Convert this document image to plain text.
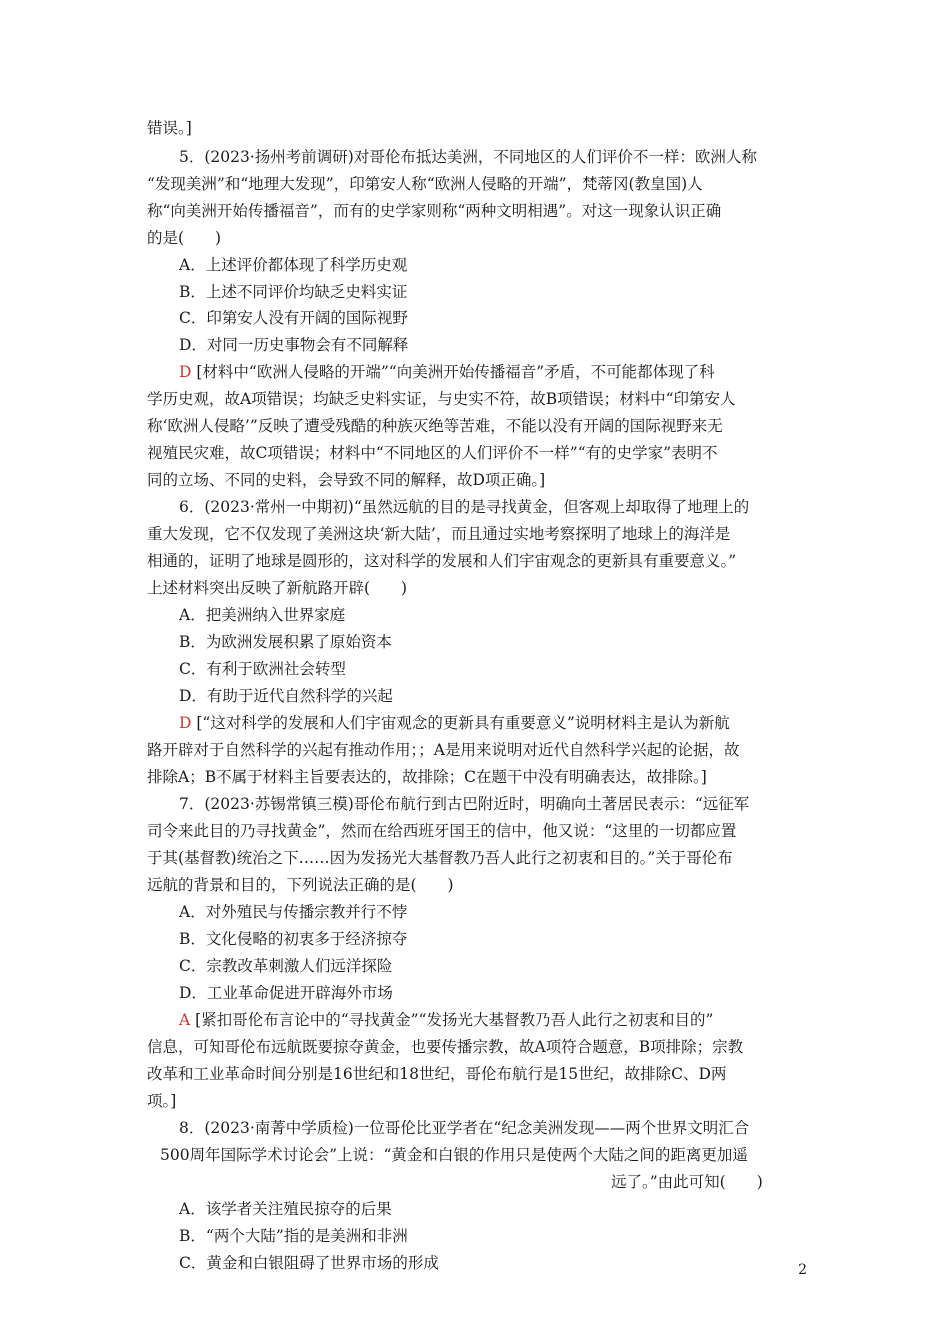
错误。]
5．(2023·扬州考前调研)对哥伦布抵达美洲，不同地区的人们评价不一样：欧洲人称
“发现美洲”和“地理大发现”，印第安人称“欧洲人侵略的开端”，梵蒂冈(教皇国)人
称“向美洲开始传播福音”，而有的史学家则称“两种文明相遇”。对这一现象认识正确
的是(　　)
A．上述评价都体现了科学历史观
B．上述不同评价均缺乏史料实证
C．印第安人没有开阔的国际视野
D．对同一历史事物会有不同解释
D [材料中“欧洲人侵略的开端”“向美洲开始传播福音”矛盾，不可能都体现了科
学历史观，故A项错误；均缺乏史料实证，与史实不符，故B项错误；材料中“印第安人
称‘欧洲人侵略’”反映了遭受残酷的种族灭绝等苦难，不能以没有开阔的国际视野来无
视殖民灾难，故C项错误；材料中“不同地区的人们评价不一样”“有的史学家”表明不
同的立场、不同的史料，会导致不同的解释，故D项正确。]
6．(2023·常州一中期初)“虽然远航的目的是寻找黄金，但客观上却取得了地理上的
重大发现，它不仅发现了美洲这块‘新大陆’，而且通过实地考察探明了地球上的海洋是
相通的，证明了地球是圆形的，这对科学的发展和人们宇宙观念的更新具有重要意义。”
上述材料突出反映了新航路开辟(　　)
A．把美洲纳入世界家庭
B．为欧洲发展积累了原始资本
C．有利于欧洲社会转型
D．有助于近代自然科学的兴起
D [“这对科学的发展和人们宇宙观念的更新具有重要意义”说明材料主是认为新航
路开辟对于自然科学的兴起有推动作用；；A是用来说明对近代自然科学兴起的论据，故
排除A；B不属于材料主旨要表达的，故排除；C在题干中没有明确表达，故排除。]
7．(2023·苏锡常镇三模)哥伦布航行到古巴附近时，明确向土著居民表示：“远征军
司令来此目的乃寻找黄金”，然而在给西班牙国王的信中，他又说：“这里的一切都应置
于其(基督教)统治之下……因为发扬光大基督教乃吾人此行之初衷和目的。”关于哥伦布
远航的背景和目的，下列说法正确的是(　　)
A．对外殖民与传播宗教并行不悖
B．文化侵略的初衷多于经济掠夺
C．宗教改革刺激人们远洋探险
D．工业革命促进开辟海外市场
A [紧扣哥伦布言论中的“寻找黄金”“发扬光大基督教乃吾人此行之初衷和目的”
信息，可知哥伦布远航既要掠夺黄金，也要传播宗教，故A项符合题意，B项排除；宗教
改革和工业革命时间分别是16世纪和18世纪，哥伦布航行是15世纪，故排除C、D两
项。]
8．(2023·南菁中学质检)一位哥伦比亚学者在“纪念美洲发现——两个世界文明汇合
500周年国际学术讨论会”上说：“黄金和白银的作用只是使两个大陆之间的距离更加遥
远了。”由此可知(　　)
A．该学者关注殖民掠夺的后果
B．“两个大陆”指的是美洲和非洲
C．黄金和白银阻碍了世界市场的形成	2
